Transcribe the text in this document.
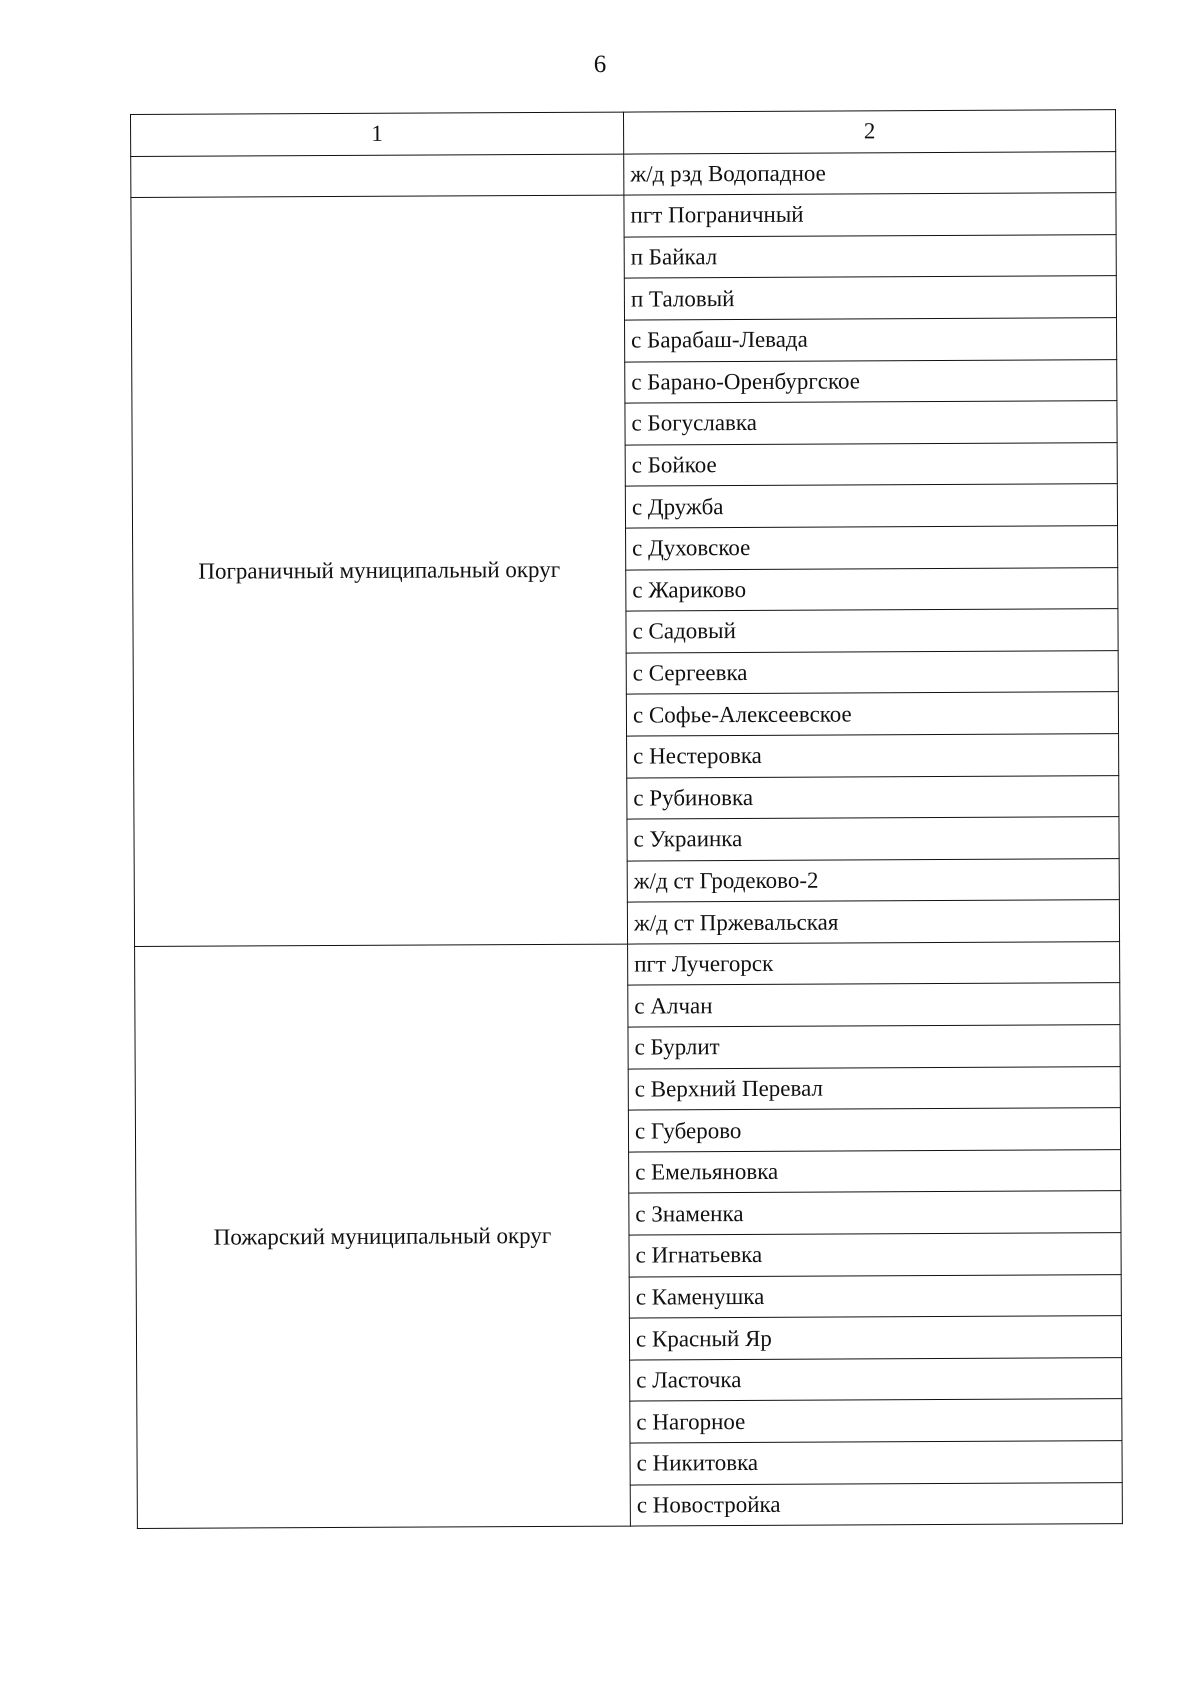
6
1	2
	ж/д рзд Водопадное
Пограничный муниципальный округ	пгт Пограничный
	п Байкал
	п Таловый
	с Барабаш-Левада
	с Барано-Оренбургское
	с Богуславка
	с Бойкое
	с Дружба
	с Духовское
	с Жариково
	с Садовый
	с Сергеевка
	с Софье-Алексеевское
	с Нестеровка
	с Рубиновка
	с Украинка
	ж/д ст Гродеково-2
	ж/д ст Пржевальская
Пожарский муниципальный округ	пгт Лучегорск
	с Алчан
	с Бурлит
	с Верхний Перевал
	с Губерово
	с Емельяновка
	с Знаменка
	с Игнатьевка
	с Каменушка
	с Красный Яр
	с Ласточка
	с Нагорное
	с Никитовка
	с Новостройка
